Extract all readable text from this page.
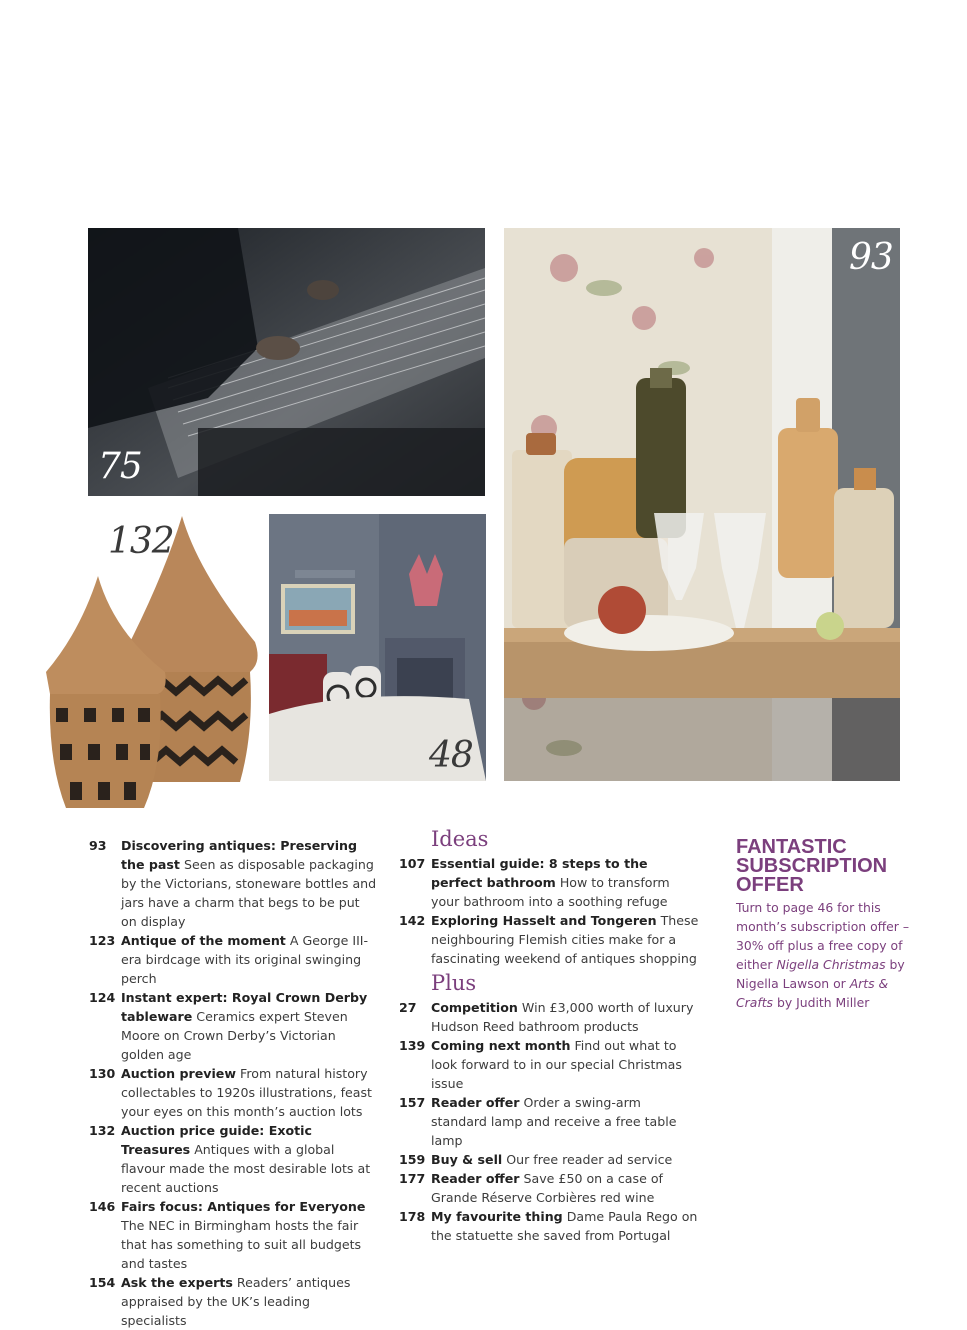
75
93
132
48
93 Discovering antiques: Preserving the past Seen as disposable packaging by the Victorians, stoneware bottles and jars have a charm that begs to be put on display
123 Antique of the moment A George III-era birdcage with its original swinging perch
124 Instant expert: Royal Crown Derby tableware Ceramics expert Steven Moore on Crown Derby’s Victorian golden age
130 Auction preview From natural history collectables to 1920s illustrations, feast your eyes on this month’s auction lots
132 Auction price guide: Exotic Treasures Antiques with a global flavour made the most desirable lots at recent auctions
146 Fairs focus: Antiques for Everyone The NEC in Birmingham hosts the fair that has something to suit all budgets and tastes
154 Ask the experts Readers’ antiques appraised by the UK’s leading specialists
Ideas
107 Essential guide: 8 steps to the perfect bathroom How to transform your bathroom into a soothing refuge
142 Exploring Hasselt and Tongeren These neighbouring Flemish cities make for a fascinating weekend of antiques shopping
Plus
27 Competition Win £3,000 worth of luxury Hudson Reed bathroom products
139 Coming next month Find out what to look forward to in our special Christmas issue
157 Reader offer Order a swing-arm standard lamp and receive a free table lamp
159 Buy & sell Our free reader ad service
177 Reader offer Save £50 on a case of Grande Réserve Corbières red wine
178 My favourite thing Dame Paula Rego on the statuette she saved from Portugal
FANTASTIC SUBSCRIPTION OFFER
Turn to page 46 for this month’s subscription offer – 30% off plus a free copy of either Nigella Christmas by Nigella Lawson or Arts & Crafts by Judith Miller
